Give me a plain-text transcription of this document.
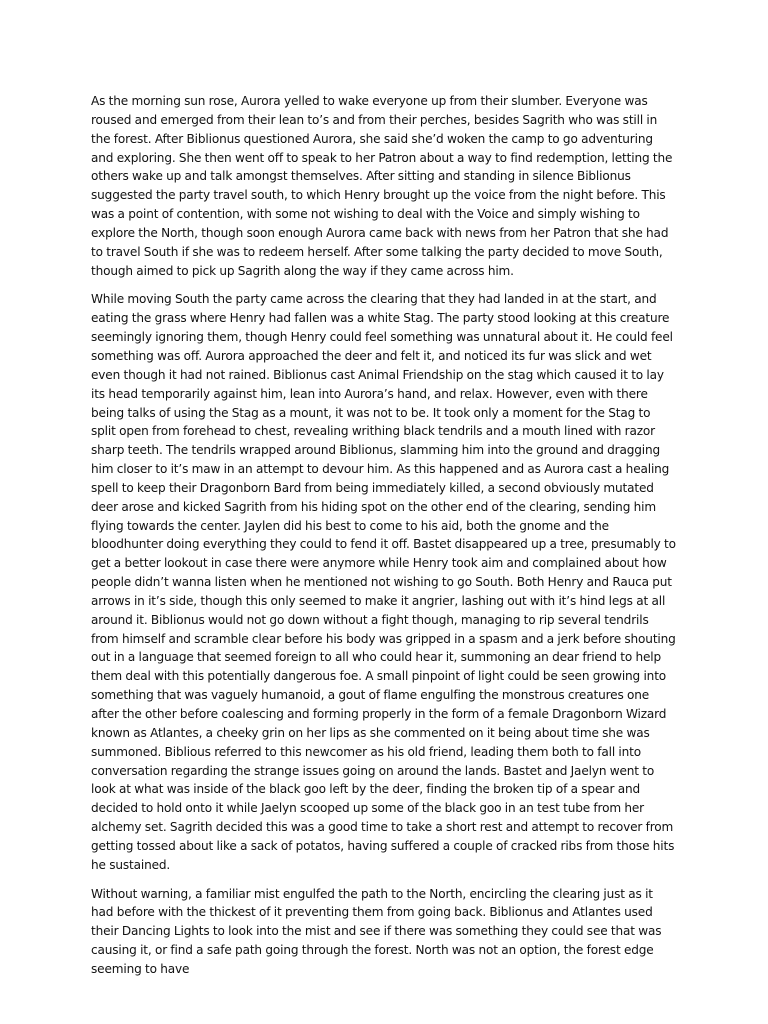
As the morning sun rose, Aurora yelled to wake everyone up from their slumber. Everyone was roused and emerged from their lean to’s and from their perches, besides Sagrith who was still in the forest. After Biblionus questioned Aurora, she said she’d woken the camp to go adventuring and exploring. She then went off to speak to her Patron about a way to find redemption, letting the others wake up and talk amongst themselves. After sitting and standing in silence Biblionus suggested the party travel south, to which Henry brought up the voice from the night before. This was a point of contention, with some not wishing to deal with the Voice and simply wishing to explore the North, though soon enough Aurora came back with news from her Patron that she had to travel South if she was to redeem herself. After some talking the party decided to move South, though aimed to pick up Sagrith along the way if they came across him.

While moving South the party came across the clearing that they had landed in at the start, and eating the grass where Henry had fallen was a white Stag. The party stood looking at this creature seemingly ignoring them, though Henry could feel something was unnatural about it. He could feel something was off. Aurora approached the deer and felt it, and noticed its fur was slick and wet even though it had not rained. Biblionus cast Animal Friendship on the stag which caused it to lay its head temporarily against him, lean into Aurora’s hand, and relax. However, even with there being talks of using the Stag as a mount, it was not to be. It took only a moment for the Stag to split open from forehead to chest, revealing writhing black tendrils and a mouth lined with razor sharp teeth. The tendrils wrapped around Biblionus, slamming him into the ground and dragging him closer to it’s maw in an attempt to devour him. As this happened and as Aurora cast a healing spell to keep their Dragonborn Bard from being immediately killed, a second obviously mutated deer arose and kicked Sagrith from his hiding spot on the other end of the clearing, sending him flying towards the center. Jaylen did his best to come to his aid, both the gnome and the bloodhunter doing everything they could to fend it off. Bastet disappeared up a tree, presumably to get a better lookout in case there were anymore while Henry took aim and complained about how people didn’t wanna listen when he mentioned not wishing to go South. Both Henry and Rauca put arrows in it’s side, though this only seemed to make it angrier, lashing out with it’s hind legs at all around it. Biblionus would not go down without a fight though, managing to rip several tendrils from himself and scramble clear before his body was gripped in a spasm and a jerk before shouting out in a language that seemed foreign to all who could hear it, summoning an dear friend to help them deal with this potentially dangerous foe. A small pinpoint of light could be seen growing into something that was vaguely humanoid, a gout of flame engulfing the monstrous creatures one after the other before coalescing and forming properly in the form of a female Dragonborn Wizard known as Atlantes, a cheeky grin on her lips as she commented on it being about time she was summoned. Biblious referred to this newcomer as his old friend, leading them both to fall into conversation regarding the strange issues going on around the lands. Bastet and Jaelyn went to look at what was inside of the black goo left by the deer, finding the broken tip of a spear and decided to hold onto it while Jaelyn scooped up some of the black goo in an test tube from her alchemy set. Sagrith decided this was a good time to take a short rest and attempt to recover from getting tossed about like a sack of potatos, having suffered a couple of cracked ribs from those hits he sustained.

Without warning, a familiar mist engulfed the path to the North, encircling the clearing just as it had before with the thickest of it preventing them from going back. Biblionus and Atlantes used their Dancing Lights to look into the mist and see if there was something they could see that was causing it, or find a safe path going through the forest. North was not an option, the forest edge seeming to have
